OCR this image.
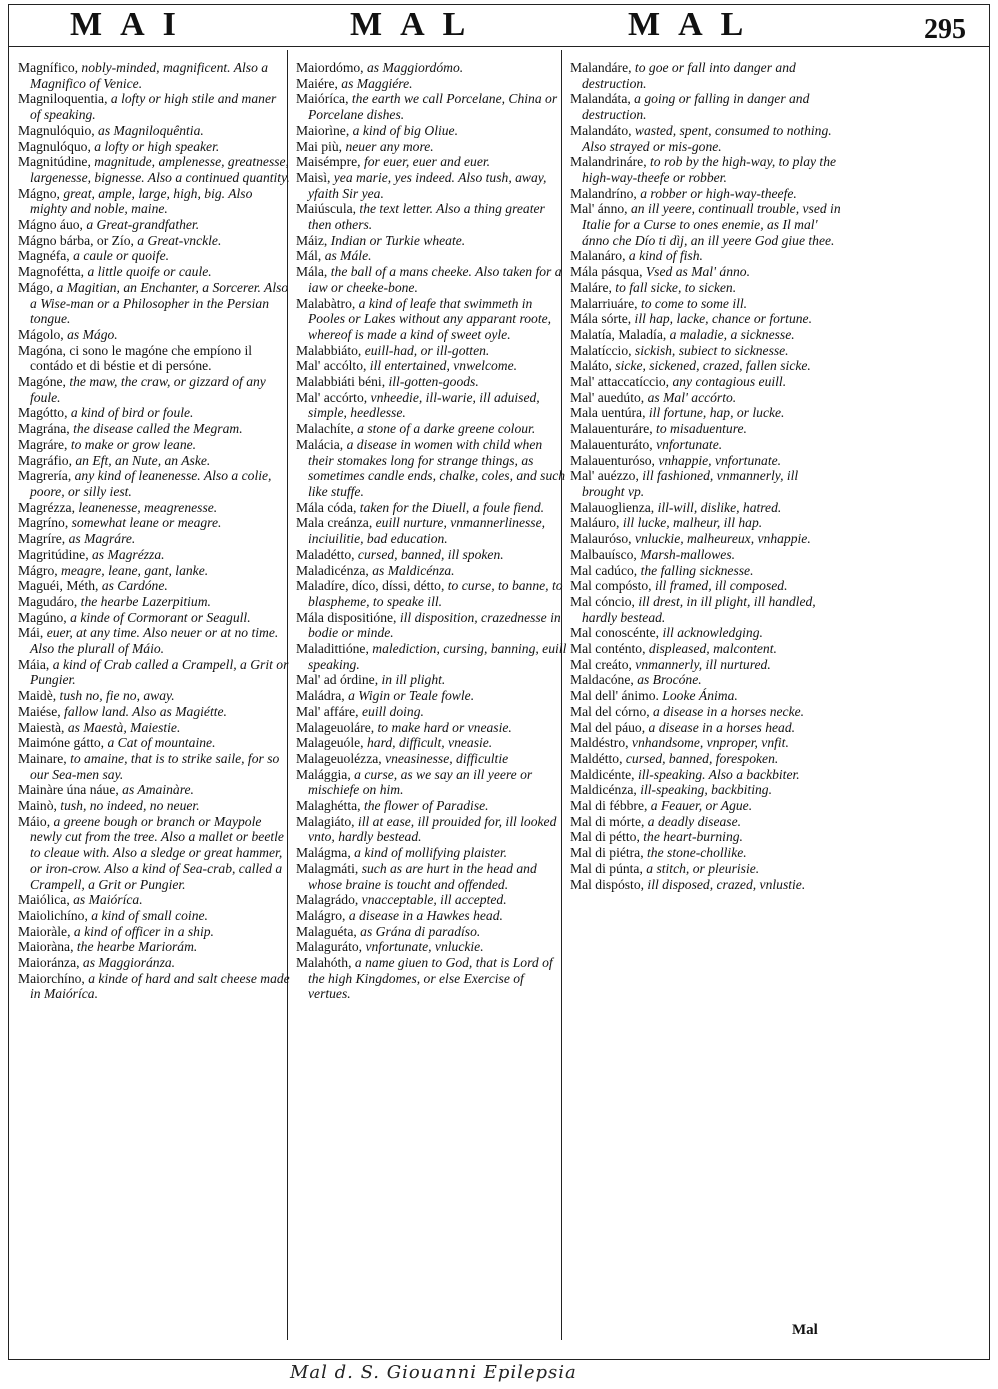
MAI	MAL	MAL	295

Magnífico, nobly-minded, magnificent. Also a Magnifico of Venice.

Magniloquentia, a lofty or high stile and maner of speaking.

Magnulóquio, as Magniloquêntia.

Magnulóquo, a lofty or high speaker.

Magnitúdine, magnitude, amplenesse, greatnesse, largenesse, bignesse. Also a continued quantity.

Mágno, great, ample, large, high, big. Also mighty and noble, maine.

Mágno áuo, a Great-grandfather.

Mágno bárba, or Zío, a Great-vnckle.

Magnéfa, a caule or quoife.

Magnofétta, a little quoife or caule.

Mágo, a Magitian, an Enchanter, a Sorcerer. Also a Wise-man or a Philosopher in the Persian tongue.

Mágolo, as Mágo.

Magóna, ci sono le magóne che empíono il contádo et di béstie et di persóne.

Magóne, the maw, the craw, or gizzard of any foule.

Magótto, a kind of bird or foule.

Magrána, the disease called the Megram.

Magráre, to make or grow leane.

Magráfio, an Eft, an Nute, an Aske.

Magrería, any kind of leanenesse. Also a colie, poore, or silly iest.

Magrézza, leanenesse, meagrenesse.

Magríno, somewhat leane or meagre.

Magríre, as Magráre.

Magritúdine, as Magrézza.

Mágro, meagre, leane, gant, lanke.

Maguéi, Méth, as Cardóne.

Magudáro, the hearbe Lazerpitium.

Magúno, a kinde of Cormorant or Seagull.

Mái, euer, at any time. Also neuer or at no time. Also the plurall of Máio.

Máia, a kind of Crab called a Crampell, a Grit or Pungier.

Maidè, tush no, fie no, away.

Maiése, fallow land. Also as Magiétte.

Maiestà, as Maestà, Maiestie.

Maimóne gátto, a Cat of mountaine.

Mainare, to amaine, that is to strike saile, for so our Sea-men say.

Mainàre úna náue, as Amainàre.

Mainò, tush, no indeed, no neuer.

Máio, a greene bough or branch or Maypole newly cut from the tree. Also a mallet or beetle to cleaue with. Also a sledge or great hammer, or iron-crow. Also a kind of Sea-crab, called a Crampell, a Grit or Pungier.

Maiólica, as Maióríca.

Maiolichíno, a kind of small coine.

Maioràle, a kind of officer in a ship.

Maioràna, the hearbe Mariorám.

Maioránza, as Maggioránza.

Maiorchíno, a kinde of hard and salt cheese made in Maióríca.

Maiordómo, as Maggiordómo.

Maiére, as Maggiére.

Maióríca, the earth we call Porcelane, China or Porcelane dishes.

Maiorìne, a kind of big Oliue.

Mai più, neuer any more.

Maisémpre, for euer, euer and euer.

Maisì, yea marie, yes indeed. Also tush, away, yfaith Sir yea.

Maiúscula, the text letter. Also a thing greater then others.

Máiz, Indian or Turkie wheate.

Mál, as Mále.

Mála, the ball of a mans cheeke. Also taken for a iaw or cheeke-bone.

Malabàtro, a kind of leafe that swimmeth in Pooles or Lakes without any apparant roote, whereof is made a kind of sweet oyle.

Malabbiáto, euill-had, or ill-gotten.

Mal' accólto, ill entertained, vnwelcome.

Malabbiáti béni, ill-gotten-goods.

Mal' accórto, vnheedie, ill-warie, ill aduised, simple, heedlesse.

Malachíte, a stone of a darke greene colour.

Malácia, a disease in women with child when their stomakes long for strange things, as sometimes candle ends, chalke, coles, and such like stuffe.

Mála códa, taken for the Diuell, a foule fiend.

Mala creánza, euill nurture, vnmannerlinesse, inciuilitie, bad education.

Maladétto, cursed, banned, ill spoken.

Maladicénza, as Maldicénza.

Maladíre, díco, díssi, détto, to curse, to banne, to blaspheme, to speake ill.

Mála dispositióne, ill disposition, crazednesse in bodie or minde.

Maladittióne, malediction, cursing, banning, euill speaking.

Mal' ad órdine, in ill plight.

Maládra, a Wigin or Teale fowle.

Mal' affáre, euill doing.

Malageuoláre, to make hard or vneasie.

Malageuóle, hard, difficult, vneasie.

Malageuolézza, vneasinesse, difficultie

Malággia, a curse, as we say an ill yeere or mischiefe on him.

Malaghétta, the flower of Paradise.

Malagiáto, ill at ease, ill prouided for, ill looked vnto, hardly bestead.

Malágma, a kind of mollifying plaister.

Malagmáti, such as are hurt in the head and whose braine is toucht and offended.

Malagrádo, vnacceptable, ill accepted.

Malágro, a disease in a Hawkes head.

Malaguéta, as Grána di paradíso.

Malaguráto, vnfortunate, vnluckie.

Malahóth, a name giuen to God, that is Lord of the high Kingdomes, or else Exercise of vertues.

Malandáre, to goe or fall into danger and destruction.

Malandáta, a going or falling in danger and destruction.

Malandáto, wasted, spent, consumed to nothing. Also strayed or mis-gone.

Malandrináre, to rob by the high-way, to play the high-way-theefe or robber.

Malandríno, a robber or high-way-theefe.

Mal' ánno, an ill yeere, continuall trouble, vsed in Italie for a Curse to ones enemie, as Il mal' ánno che Dío ti dìj, an ill yeere God giue thee.

Malanáro, a kind of fish.

Mála pásqua, Vsed as Mal' ánno.

Maláre, to fall sicke, to sicken.

Malarriuáre, to come to some ill.

Mála sórte, ill hap, lacke, chance or fortune.

Malatía, Maladía, a maladie, a sicknesse.

Malatíccio, sickish, subiect to sicknesse.

Maláto, sicke, sickened, crazed, fallen sicke.

Mal' attaccatíccio, any contagious euill.

Mal' auedúto, as Mal' accórto.

Mala uentúra, ill fortune, hap, or lucke.

Malauenturáre, to misaduenture.

Malauenturáto, vnfortunate.

Malauenturóso, vnhappie, vnfortunate.

Mal' auézzo, ill fashioned, vnmannerly, ill brought vp.

Malauoglienza, ill-will, dislike, hatred.

Maláuro, ill lucke, malheur, ill hap.

Malauróso, vnluckie, malheureux, vnhappie.

Malbauísco, Marsh-mallowes.

Mal cadúco, the falling sicknesse.

Mal compósto, ill framed, ill composed.

Mal cóncio, ill drest, in ill plight, ill handled, hardly bestead.

Mal conoscénte, ill acknowledging.

Mal conténto, displeased, malcontent.

Mal creáto, vnmannerly, ill nurtured.

Maldacóne, as Brocóne.

Mal dell' ánimo. Looke Ánima.

Mal del córno, a disease in a horses necke.

Mal del páuo, a disease in a horses head.

Maldéstro, vnhandsome, vnproper, vnfit.

Maldétto, cursed, banned, forespoken.

Maldicénte, ill-speaking. Also a backbiter.

Maldicénza, ill-speaking, backbiting.

Mal di fébbre, a Feauer, or Ague.

Mal di mórte, a deadly disease.

Mal di pétto, the heart-burning.

Mal di piétra, the stone-chollike.

Mal di púnta, a stitch, or pleurisie.

Mal dispósto, ill disposed, crazed, vnlustie.

Mal
Mal d. S. Giouanni Epilepsia
